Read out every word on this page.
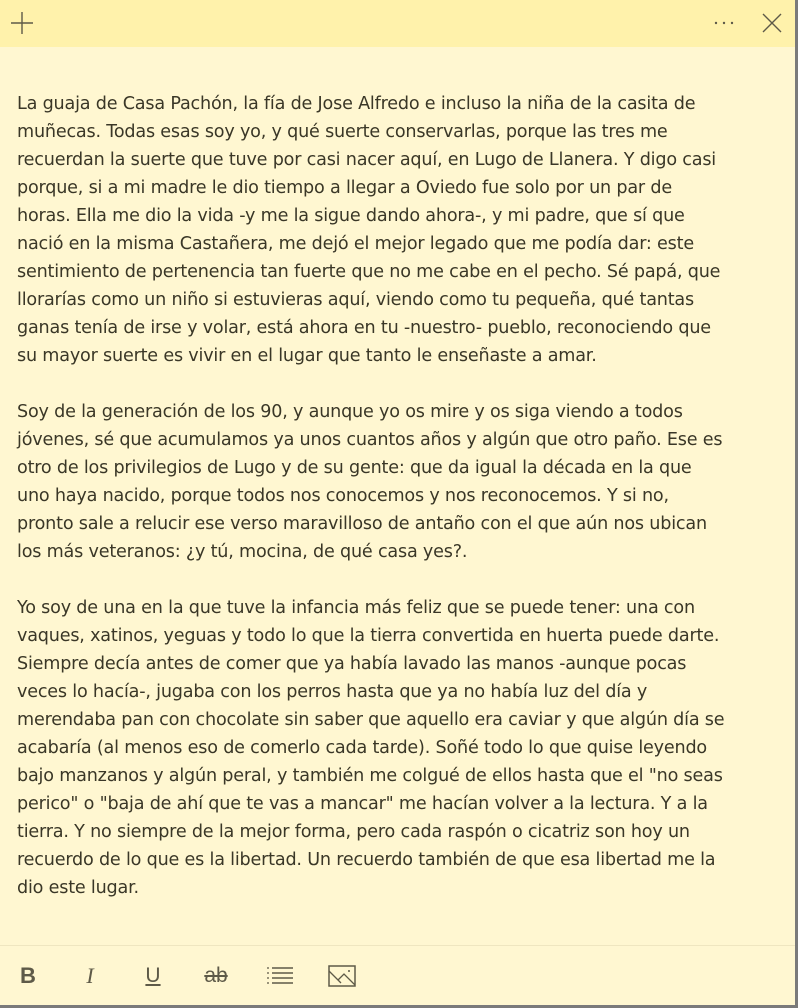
La guaja de Casa Pachón, la fía de Jose Alfredo e incluso la niña de la casita de
muñecas. Todas esas soy yo, y qué suerte conservarlas, porque las tres me
recuerdan la suerte que tuve por casi nacer aquí, en Lugo de Llanera. Y digo casi
porque, si a mi madre le dio tiempo a llegar a Oviedo fue solo por un par de
horas. Ella me dio la vida -y me la sigue dando ahora-, y mi padre, que sí que
nació en la misma Castañera, me dejó el mejor legado que me podía dar: este
sentimiento de pertenencia tan fuerte que no me cabe en el pecho. Sé papá, que
llorarías como un niño si estuvieras aquí, viendo como tu pequeña, qué tantas
ganas tenía de irse y volar, está ahora en tu -nuestro- pueblo, reconociendo que
su mayor suerte es vivir en el lugar que tanto le enseñaste a amar.

Soy de la generación de los 90, y aunque yo os mire y os siga viendo a todos
jóvenes, sé que acumulamos ya unos cuantos años y algún que otro paño. Ese es
otro de los privilegios de Lugo y de su gente: que da igual la década en la que
uno haya nacido, porque todos nos conocemos y nos reconocemos. Y si no,
pronto sale a relucir ese verso maravilloso de antaño con el que aún nos ubican
los más veteranos: ¿y tú, mocina, de qué casa yes?.

Yo soy de una en la que tuve la infancia más feliz que se puede tener: una con
vaques, xatinos, yeguas y todo lo que la tierra convertida en huerta puede darte.
Siempre decía antes de comer que ya había lavado las manos -aunque pocas
veces lo hacía-, jugaba con los perros hasta que ya no había luz del día y
merendaba pan con chocolate sin saber que aquello era caviar y que algún día se
acabaría (al menos eso de comerlo cada tarde). Soñé todo lo que quise leyendo
bajo manzanos y algún peral, y también me colgué de ellos hasta que el "no seas
perico" o "baja de ahí que te vas a mancar" me hacían volver a la lectura. Y a la
tierra. Y no siempre de la mejor forma, pero cada raspón o cicatriz son hoy un
recuerdo de lo que es la libertad. Un recuerdo también de que esa libertad me la
dio este lugar.

B I U ab
